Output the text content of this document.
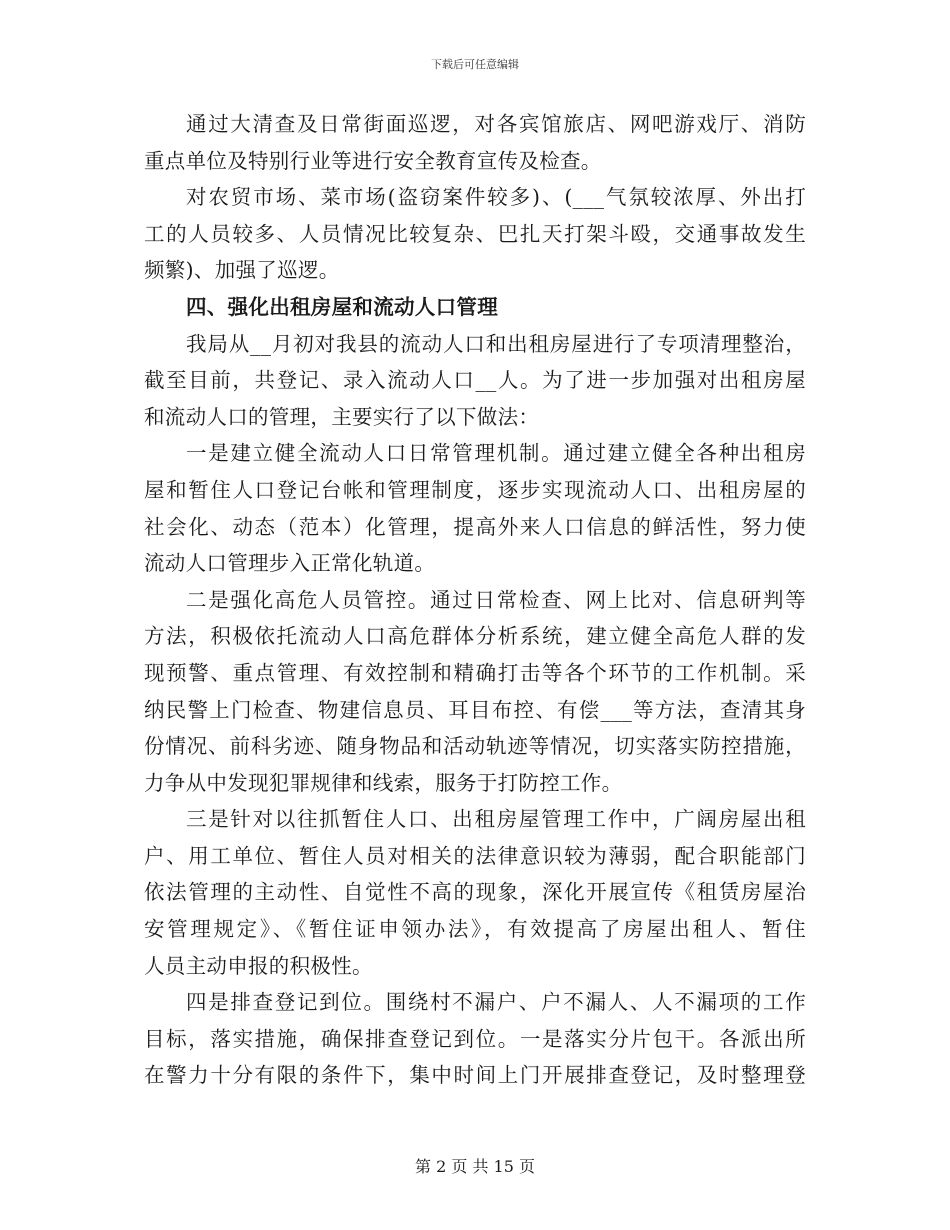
下载后可任意编辑
通过大清查及日常街面巡逻，对各宾馆旅店、网吧游戏厅、消防
重点单位及特别行业等进行安全教育宣传及检查。
对农贸市场、菜市场(盗窃案件较多)、(___气氛较浓厚、外出打
工的人员较多、人员情况比较复杂、巴扎天打架斗殴，交通事故发生
频繁)、加强了巡逻。
四、强化出租房屋和流动人口管理
我局从__月初对我县的流动人口和出租房屋进行了专项清理整治，
截至目前，共登记、录入流动人口__人。为了进一步加强对出租房屋
和流动人口的管理，主要实行了以下做法：
一是建立健全流动人口日常管理机制。通过建立健全各种出租房
屋和暂住人口登记台帐和管理制度，逐步实现流动人口、出租房屋的
社会化、动态（范本）化管理，提高外来人口信息的鲜活性，努力使
流动人口管理步入正常化轨道。
二是强化高危人员管控。通过日常检查、网上比对、信息研判等
方法，积极依托流动人口高危群体分析系统，建立健全高危人群的发
现预警、重点管理、有效控制和精确打击等各个环节的工作机制。采
纳民警上门检查、物建信息员、耳目布控、有偿___等方法，查清其身
份情况、前科劣迹、随身物品和活动轨迹等情况，切实落实防控措施，
力争从中发现犯罪规律和线索，服务于打防控工作。
三是针对以往抓暂住人口、出租房屋管理工作中，广阔房屋出租
户、用工单位、暂住人员对相关的法律意识较为薄弱，配合职能部门
依法管理的主动性、自觉性不高的现象，深化开展宣传《租赁房屋治
安管理规定》、《暂住证申领办法》，有效提高了房屋出租人、暂住
人员主动申报的积极性。
四是排查登记到位。围绕村不漏户、户不漏人、人不漏项的工作
目标，落实措施，确保排查登记到位。一是落实分片包干。各派出所
在警力十分有限的条件下，集中时间上门开展排查登记，及时整理登
第 2 页 共 15 页
